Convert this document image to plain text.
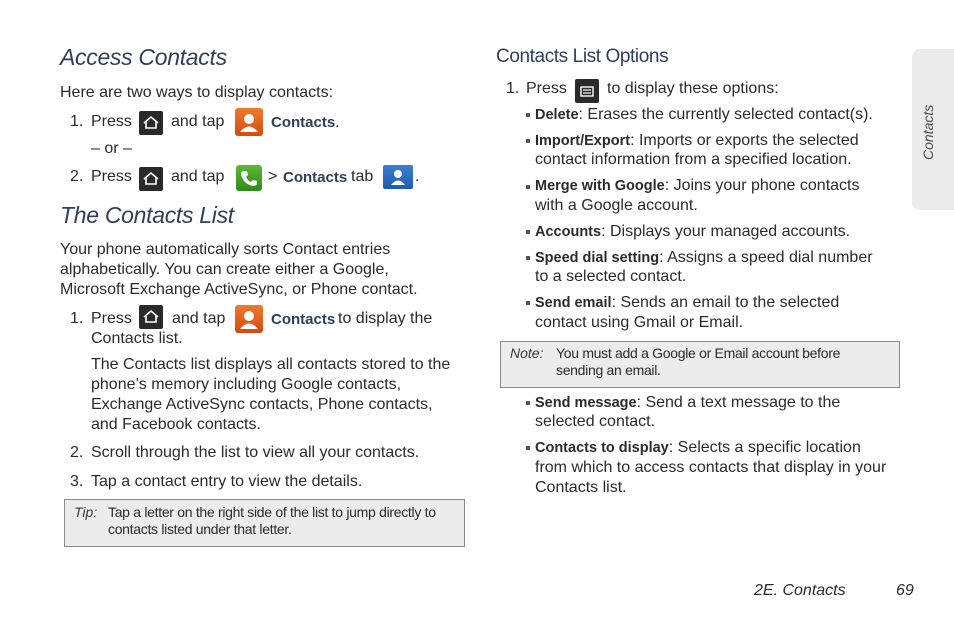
Access Contacts
Here are two ways to display contacts:
1. Press and tap	Contacts .
– or –
2. Press and tap	> Contacts tab	.
The Contacts List
Your phone automatically sorts Contact entries
alphabetically. You can create either a Google,
Microsoft Exchange ActiveSync, or Phone contact.
1. Press	and tap	Contacts to display the
Contacts list.
The Contacts list displays all contacts stored to the
phone’s memory including Google contacts,
Exchange ActiveSync contacts, Phone contacts,
and Facebook contacts.
2. Scroll through the list to view all your contacts.
3. Tap a contact entry to view the details.
Tip: Tap a letter on the right side of the list to jump directly to
contacts listed under that letter.
Contacts List Options
1. Press	to display these options:
Delete: Erases the currently selected contact(s).
Import/Export: Imports or exports the selected
contact information from a specified location.
Merge with Google: Joins your phone contacts
with a Google account.
Accounts: Displays your managed accounts.
Speed dial setting: Assigns a speed dial number
to a selected contact.
Send email: Sends an email to the selected
contact using Gmail or Email.
Note: You must add a Google or Email account before
sending an email.
Send message: Send a text message to the
selected contact.
Contacts to display: Selects a specific location
from which to access contacts that display in your
Contacts list.
Contacts
2E. Contacts	69
